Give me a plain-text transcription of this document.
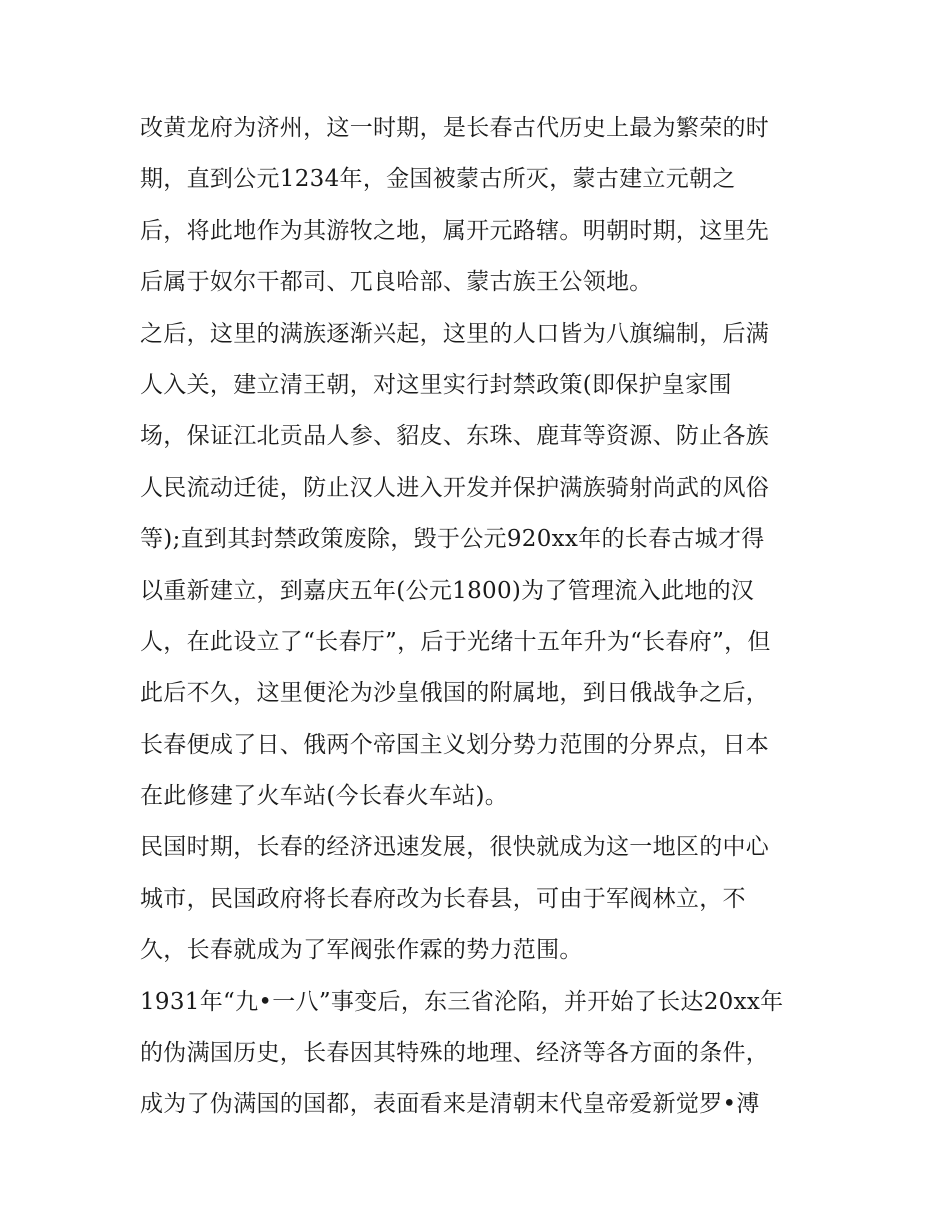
改黄龙府为济州，这一时期，是长春古代历史上最为繁荣的时
期，直到公元1234年，金国被蒙古所灭，蒙古建立元朝之
后，将此地作为其游牧之地，属开元路辖。明朝时期，这里先
后属于奴尔干都司、兀良哈部、蒙古族王公领地。
之后，这里的满族逐渐兴起，这里的人口皆为八旗编制，后满
人入关，建立清王朝，对这里实行封禁政策(即保护皇家围
场，保证江北贡品人参、貂皮、东珠、鹿茸等资源、防止各族
人民流动迁徒，防止汉人进入开发并保护满族骑射尚武的风俗
等);直到其封禁政策废除，毁于公元920xx年的长春古城才得
以重新建立，到嘉庆五年(公元1800)为了管理流入此地的汉
人，在此设立了“长春厅”，后于光绪十五年升为“长春府”，但
此后不久，这里便沦为沙皇俄国的附属地，到日俄战争之后，
长春便成了日、俄两个帝国主义划分势力范围的分界点，日本
在此修建了火车站(今长春火车站)。
民国时期，长春的经济迅速发展，很快就成为这一地区的中心
城市，民国政府将长春府改为长春县，可由于军阀林立，不
久，长春就成为了军阀张作霖的势力范围。
1931年“九•一八”事变后，东三省沦陷，并开始了长达20xx年
的伪满国历史，长春因其特殊的地理、经济等各方面的条件，
成为了伪满国的国都，表面看来是清朝末代皇帝爱新觉罗•溥
